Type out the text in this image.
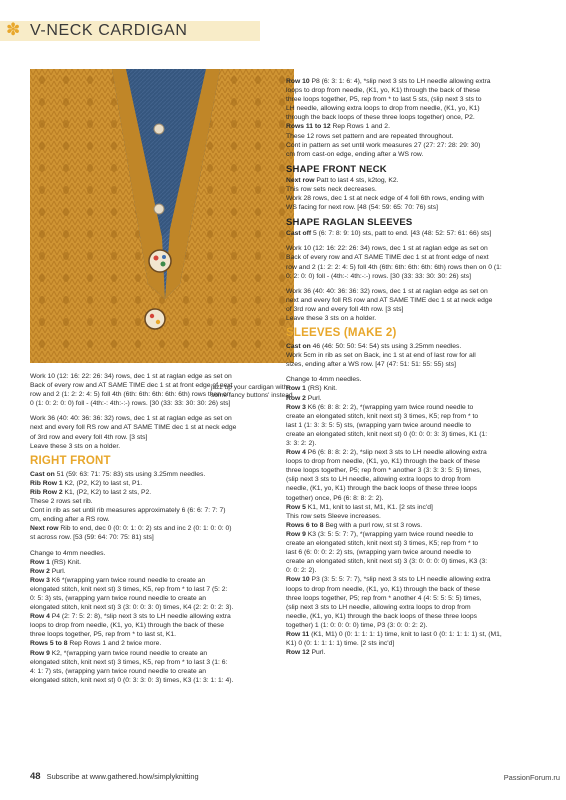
✽ V-NECK CARDIGAN
jazz up your cardigan with
some fancy buttons' instead
Work 10 (12: 16: 22: 26: 34) rows, dec 1 st at raglan edge as set on
Back of every row and AT SAME TIME dec 1 st at front edge of next
row and 2 (1: 2: 2: 4: 5) foll 4th (6th: 6th: 6th: 6th: 6th) rows then on
0 (1: 0: 2: 0: 0) foll - (4th:-: 4th:-:-) rows. [30 (33: 33: 30: 30: 26) sts]
Work 36 (40: 40: 36: 36: 32) rows, dec 1 st at raglan edge as set on
next and every foll RS row and AT SAME TIME dec 1 st at neck edge
of 3rd row and every foll 4th row. [3 sts]
Leave these 3 sts on a holder.
RIGHT FRONT
Cast on 51 (59: 63: 71: 75: 83) sts using 3.25mm needles.
Rib Row 1 K2, (P2, K2) to last st, P1.
Rib Row 2 K1, (P2, K2) to last 2 sts, P2.
These 2 rows set rib.
Cont in rib as set until rib measures approximately 6 (6: 6: 7: 7: 7)
cm, ending after a RS row.
Next row Rib to end, dec 0 (0: 0: 1: 0: 2) sts and inc 2 (0: 1: 0: 0: 0)
st across row. [53 (59: 64: 70: 75: 81) sts]
Change to 4mm needles.
Row 1 (RS) Knit.
Row 2 Purl.
Row 3 K6 *(wrapping yarn twice round needle to create an
elongated stitch, knit next st) 3 times, K5, rep from * to last 7 (5: 2:
0: 5: 3) sts, (wrapping yarn twice round needle to create an
elongated stitch, knit next st) 3 (3: 0: 0: 3: 0) times, K4 (2: 2: 0: 2: 3).
Row 4 P4 (2: 7: 5: 2: 8), *slip next 3 sts to LH needle allowing extra
loops to drop from needle, (K1, yo, K1) through the back of these
three loops together, P5, rep from * to last st, K1.
Rows 5 to 8 Rep Rows 1 and 2 twice more.
Row 9 K2, *(wrapping yarn twice round needle to create an
elongated stitch, knit next st) 3 times, K5, rep from * to last 3 (1: 6:
4: 1: 7) sts, (wrapping yarn twice round needle to create an
elongated stitch, knit next st) 0 (0: 3: 3: 0: 3) times, K3 (1: 3: 1: 1: 4).
Row 10 P8 (6: 3: 1: 6: 4), *slip next 3 sts to LH needle allowing extra
loops to drop from needle, (K1, yo, K1) through the back of these
three loops together, P5, rep from * to last 5 sts, (slip next 3 sts to
LH needle, allowing extra loops to drop from needle, (K1, yo, K1)
through the back loops of these three loops together) once, P2.
Rows 11 to 12 Rep Rows 1 and 2.
These 12 rows set pattern and are repeated throughout.
Cont in pattern as set until work measures 27 (27: 27: 28: 29: 30)
cm from cast-on edge, ending after a WS row.
SHAPE FRONT NECK
Next row Patt to last 4 sts, k2tog, K2.
This row sets neck decreases.
Work 28 rows, dec 1 st at neck edge of 4 foll 6th rows, ending with
WS facing for next row. [48 (54: 59: 65: 70: 76) sts]
SHAPE RAGLAN SLEEVES
Cast off 5 (6: 7: 8: 9: 10) sts, patt to end. [43 (48: 52: 57: 61: 66) sts]
Work 10 (12: 16: 22: 26: 34) rows, dec 1 st at raglan edge as set on
Back of every row and AT SAME TIME dec 1 st at front edge of next
row and 2 (1: 2: 2: 4: 5) foll 4th (6th: 6th: 6th: 6th: 6th) rows then on 0 (1:
0: 2: 0: 0) foll - (4th:-: 4th:-:-) rows. [30 (33: 33: 30: 30: 26) sts]
Work 36 (40: 40: 36: 36: 32) rows, dec 1 st at raglan edge as set on
next and every foll RS row and AT SAME TIME dec 1 st at neck edge
of 3rd row and every foll 4th row. [3 sts]
Leave these 3 sts on a holder.
SLEEVES (MAKE 2)
Cast on 46 (46: 50: 50: 54: 54) sts using 3.25mm needles.
Work 5cm in rib as set on Back, inc 1 st at end of last row for all
sizes, ending after a WS row. [47 (47: 51: 51: 55: 55) sts]
Change to 4mm needles.
Row 1 (RS) Knit.
Row 2 Purl.
Row 3 K6 (6: 8: 8: 2: 2), *(wrapping yarn twice round needle to
create an elongated stitch, knit next st) 3 times, K5; rep from * to
last 1 (1: 3: 3: 5: 5) sts, (wrapping yarn twice around needle to
create an elongated stitch, knit next st) 0 (0: 0: 0: 3: 3) times, K1 (1:
3: 3: 2: 2).
Row 4 P6 (6: 8: 8: 2: 2), *slip next 3 sts to LH needle allowing extra
loops to drop from needle, (K1, yo, K1) through the back of these
three loops together, P5; rep from * another 3 (3: 3: 3: 5: 5) times,
(slip next 3 sts to LH needle, allowing extra loops to drop from
needle, (K1, yo, K1) through the back loops of these three loops
together) once, P6 (6: 8: 8: 2: 2).
Row 5 K1, M1, knit to last st, M1, K1. [2 sts inc'd]
This row sets Sleeve increases.
Rows 6 to 8 Beg with a purl row, st st 3 rows.
Row 9 K3 (3: 5: 5: 7: 7), *(wrapping yarn twice round needle to
create an elongated stitch, knit next st) 3 times, K5; rep from * to
last 6 (6: 0: 0: 2: 2) sts, (wrapping yarn twice around needle to
create an elongated stitch, knit next st) 3 (3: 0: 0: 0: 0) times, K3 (3:
0: 0: 2: 2).
Row 10 P3 (3: 5: 5: 7: 7), *slip next 3 sts to LH needle allowing extra
loops to drop from needle, (K1, yo, K1) through the back of these
three loops together, P5; rep from * another 4 (4: 5: 5: 5: 5) times,
(slip next 3 sts to LH needle, allowing extra loops to drop from
needle, (K1, yo, K1) through the back loops of these three loops
together) 1 (1: 0: 0: 0: 0) time, P3 (3: 0: 0: 2: 2).
Row 11 (K1, M1) 0 (0: 1: 1: 1: 1) time, knit to last 0 (0: 1: 1: 1: 1) st, (M1,
K1) 0 (0: 1: 1: 1: 1) time. [2 sts inc'd]
Row 12 Purl.
48 Subscribe at www.gathered.how/simplyknitting	PassionForum.ru
